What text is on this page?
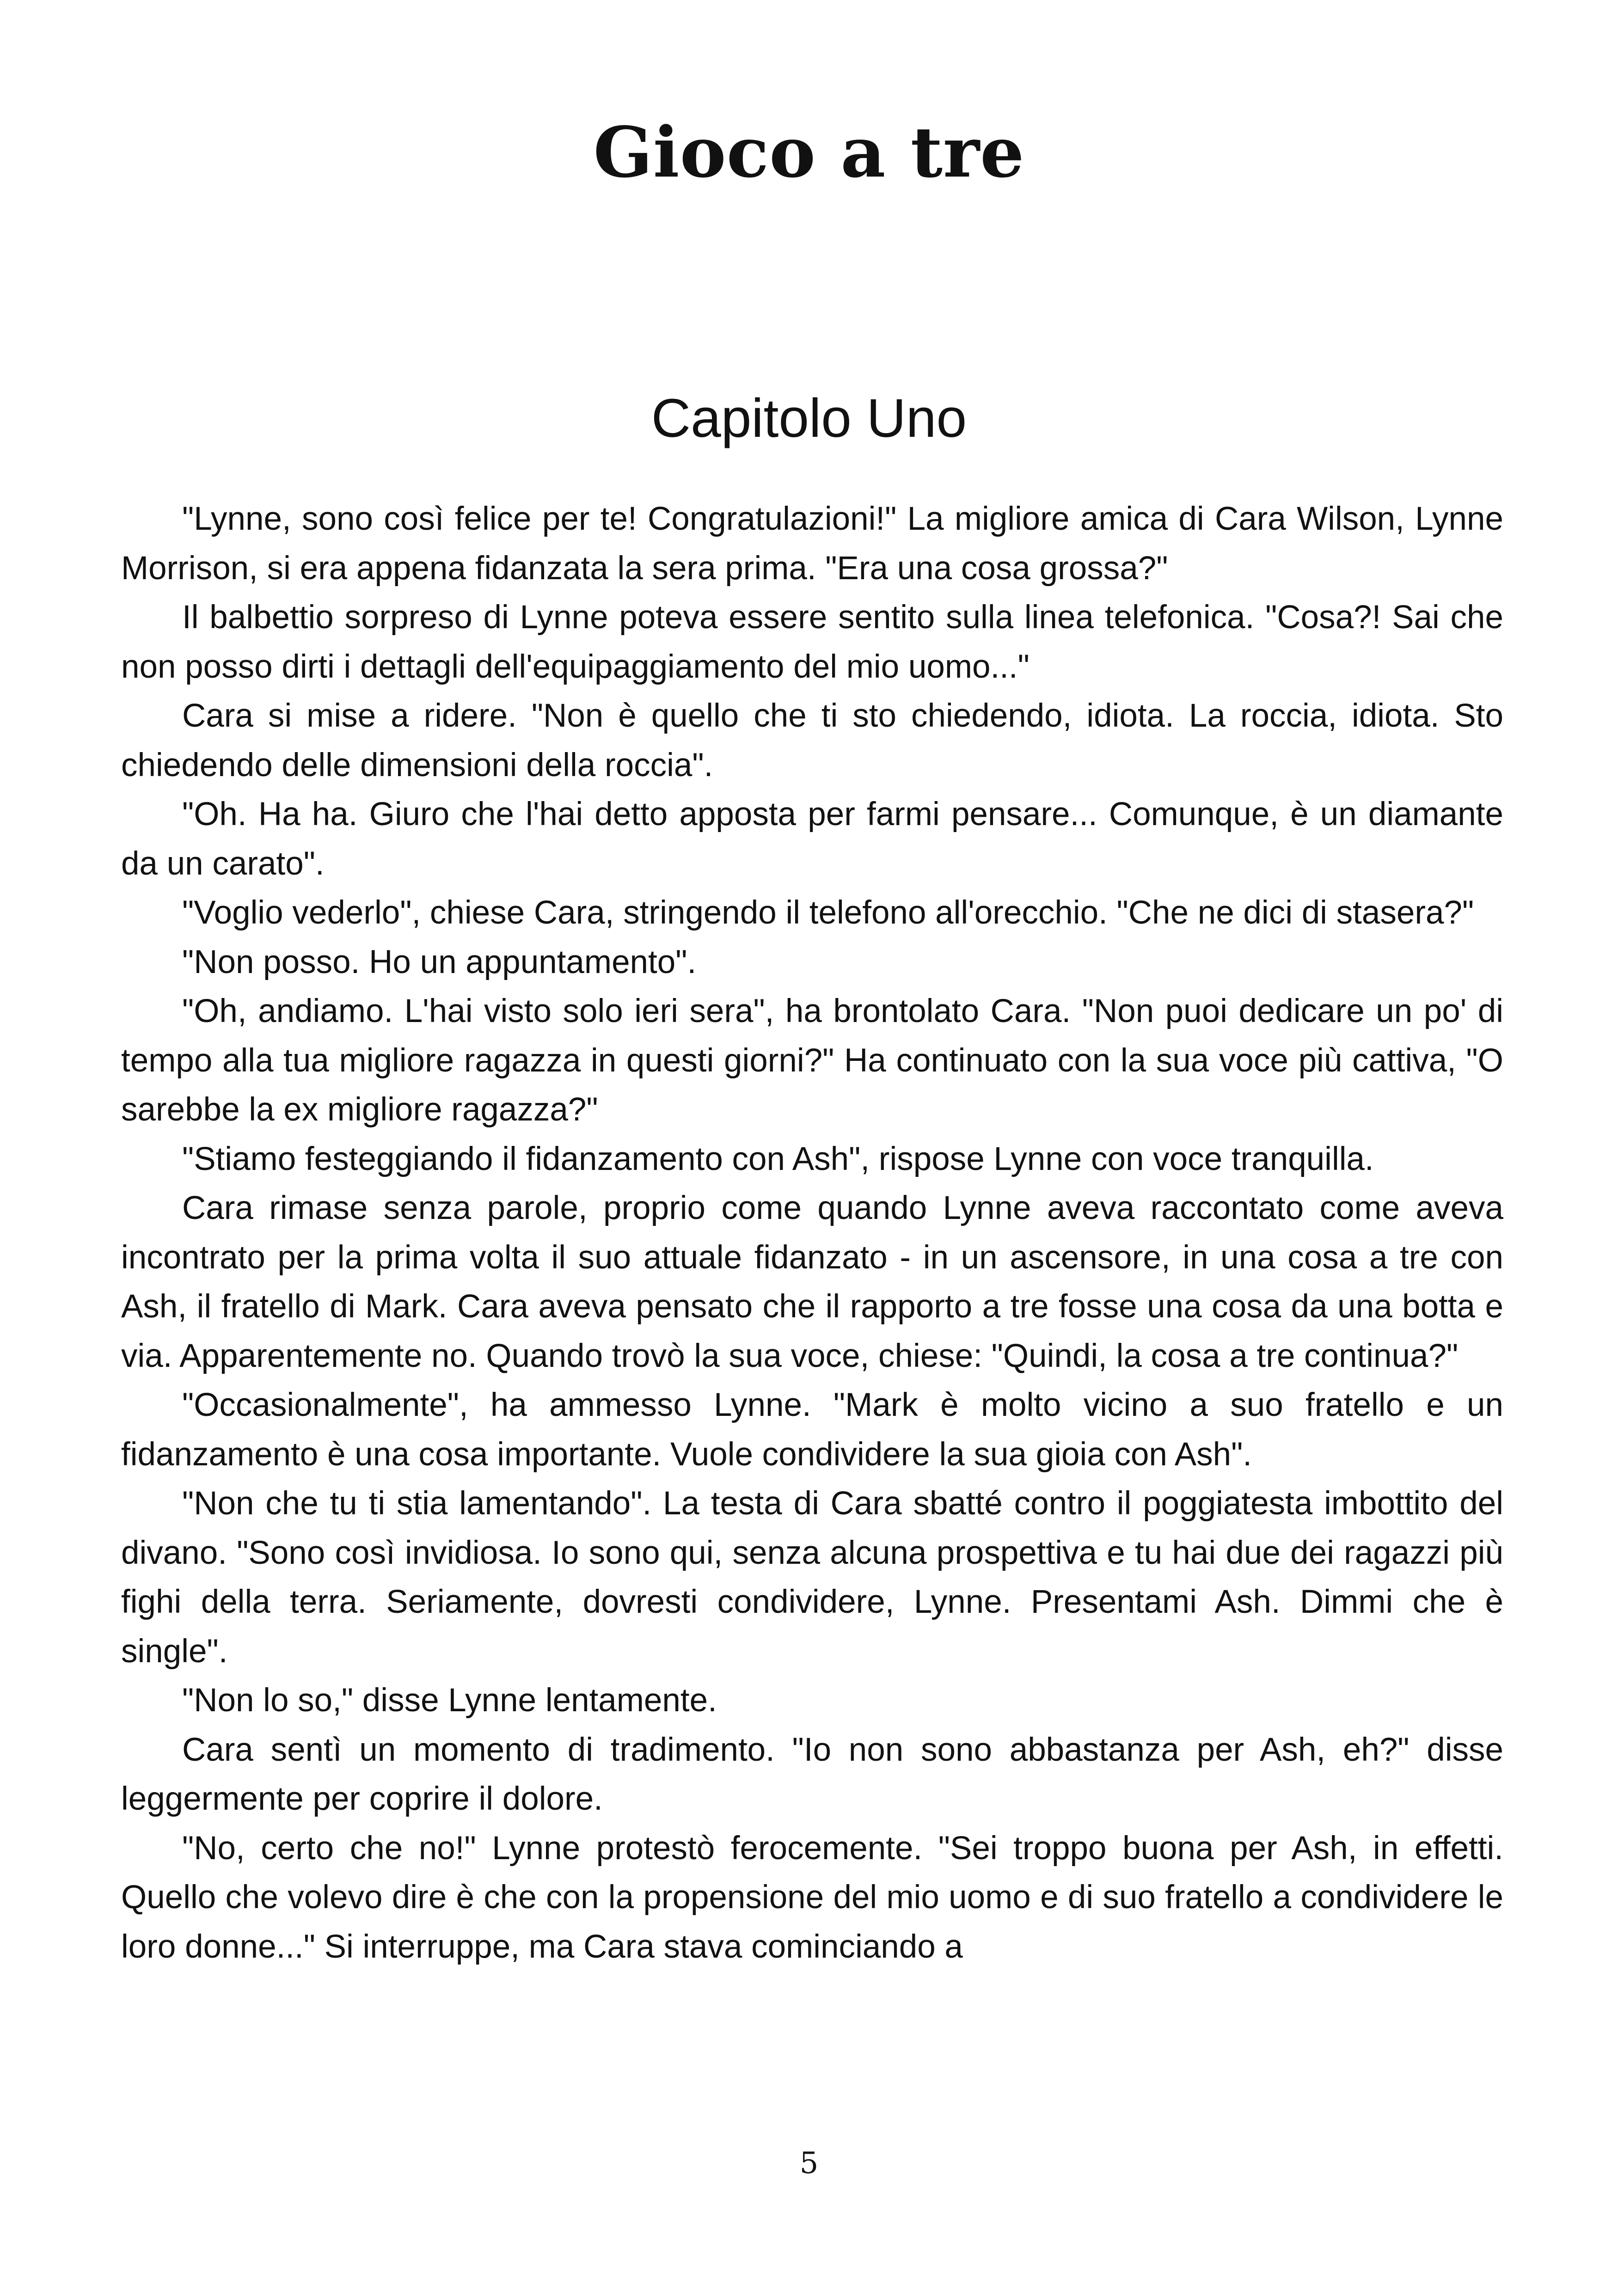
Gioco a tre
Capitolo Uno

"Lynne, sono così felice per te! Congratulazioni!" La migliore amica di Cara Wilson, Lynne Morrison, si era appena fidanzata la sera prima. "Era una cosa grossa?"

Il balbettio sorpreso di Lynne poteva essere sentito sulla linea telefonica. "Cosa?! Sai che non posso dirti i dettagli dell'equipaggiamento del mio uomo..."

Cara si mise a ridere. "Non è quello che ti sto chiedendo, idiota. La roccia, idiota. Sto chiedendo delle dimensioni della roccia".

"Oh. Ha ha. Giuro che l'hai detto apposta per farmi pensare... Comunque, è un diamante da un carato".

"Voglio vederlo", chiese Cara, stringendo il telefono all'orecchio. "Che ne dici di stasera?"

"Non posso. Ho un appuntamento".

"Oh, andiamo. L'hai visto solo ieri sera", ha brontolato Cara. "Non puoi dedicare un po' di tempo alla tua migliore ragazza in questi giorni?" Ha continuato con la sua voce più cattiva, "O sarebbe la ex migliore ragazza?"

"Stiamo festeggiando il fidanzamento con Ash", rispose Lynne con voce tranquilla.

Cara rimase senza parole, proprio come quando Lynne aveva raccontato come aveva incontrato per la prima volta il suo attuale fidanzato - in un ascensore, in una cosa a tre con Ash, il fratello di Mark. Cara aveva pensato che il rapporto a tre fosse una cosa da una botta e via. Apparentemente no. Quando trovò la sua voce, chiese: "Quindi, la cosa a tre continua?"

"Occasionalmente", ha ammesso Lynne. "Mark è molto vicino a suo fratello e un fidanzamento è una cosa importante. Vuole condividere la sua gioia con Ash".

"Non che tu ti stia lamentando". La testa di Cara sbatté contro il poggiatesta imbottito del divano. "Sono così invidiosa. Io sono qui, senza alcuna prospettiva e tu hai due dei ragazzi più fighi della terra. Seriamente, dovresti condividere, Lynne. Presentami Ash. Dimmi che è single".

"Non lo so," disse Lynne lentamente.

Cara sentì un momento di tradimento. "Io non sono abbastanza per Ash, eh?" disse leggermente per coprire il dolore.

"No, certo che no!" Lynne protestò ferocemente. "Sei troppo buona per Ash, in effetti. Quello che volevo dire è che con la propensione del mio uomo e di suo fratello a condividere le loro donne..." Si interruppe, ma Cara stava cominciando a

5
